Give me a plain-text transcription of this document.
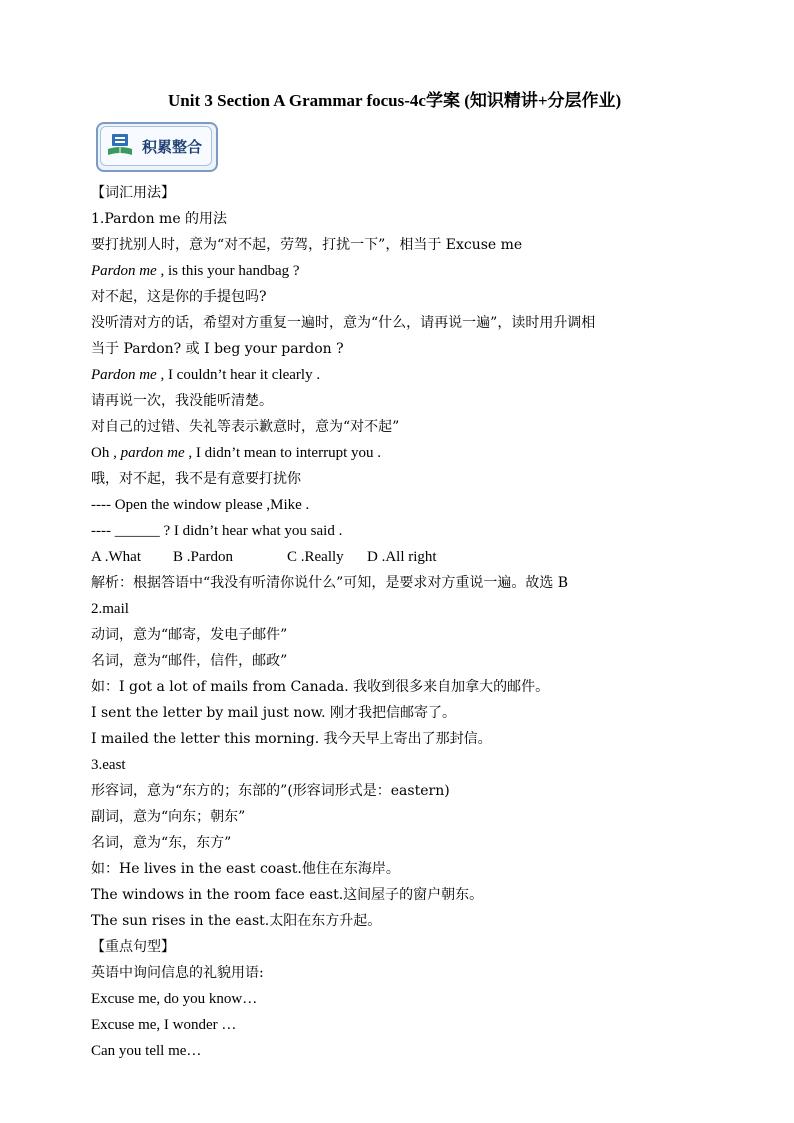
Unit 3 Section A Grammar focus-4c学案 (知识精讲+分层作业)
积累整合
【词汇用法】
1.Pardon me 的用法
要打扰别人时，意为“对不起，劳驾，打扰一下”，相当于 Excuse me
Pardon me , is this your handbag ?
对不起，这是你的手提包吗?
没听清对方的话，希望对方重复一遍时，意为“什么，请再说一遍”，读时用升调相
当于 Pardon? 或 I beg your pardon ?
Pardon me , I couldn’t hear it clearly .
请再说一次，我没能听清楚。
对自己的过错、失礼等表示歉意时，意为“对不起”
Oh , pardon me , I didn’t mean to interrupt you .
哦，对不起，我不是有意要打扰你
---- Open the window please ,Mike .
---- ______ ? I didn’t hear what you said .
A .What B .Pardon	C .Really D .All right
解析：根据答语中“我没有听清你说什么”可知，是要求对方重说一遍。故选 B
2.mail
动词，意为“邮寄，发电子邮件”
名词，意为“邮件，信件，邮政”
如：I got a lot of mails from Canada. 我收到很多来自加拿大的邮件。
I sent the letter by mail just now. 刚才我把信邮寄了。
I mailed the letter this morning. 我今天早上寄出了那封信。
3.east
形容词，意为“东方的；东部的”(形容词形式是：eastern)
副词，意为“向东；朝东”
名词，意为“东，东方”
如：He lives in the east coast.他住在东海岸。
The windows in the room face east.这间屋子的窗户朝东。
The sun rises in the east.太阳在东方升起。
【重点句型】
英语中询问信息的礼貌用语:
Excuse me, do you know…
Excuse me, I wonder …
Can you tell me…
